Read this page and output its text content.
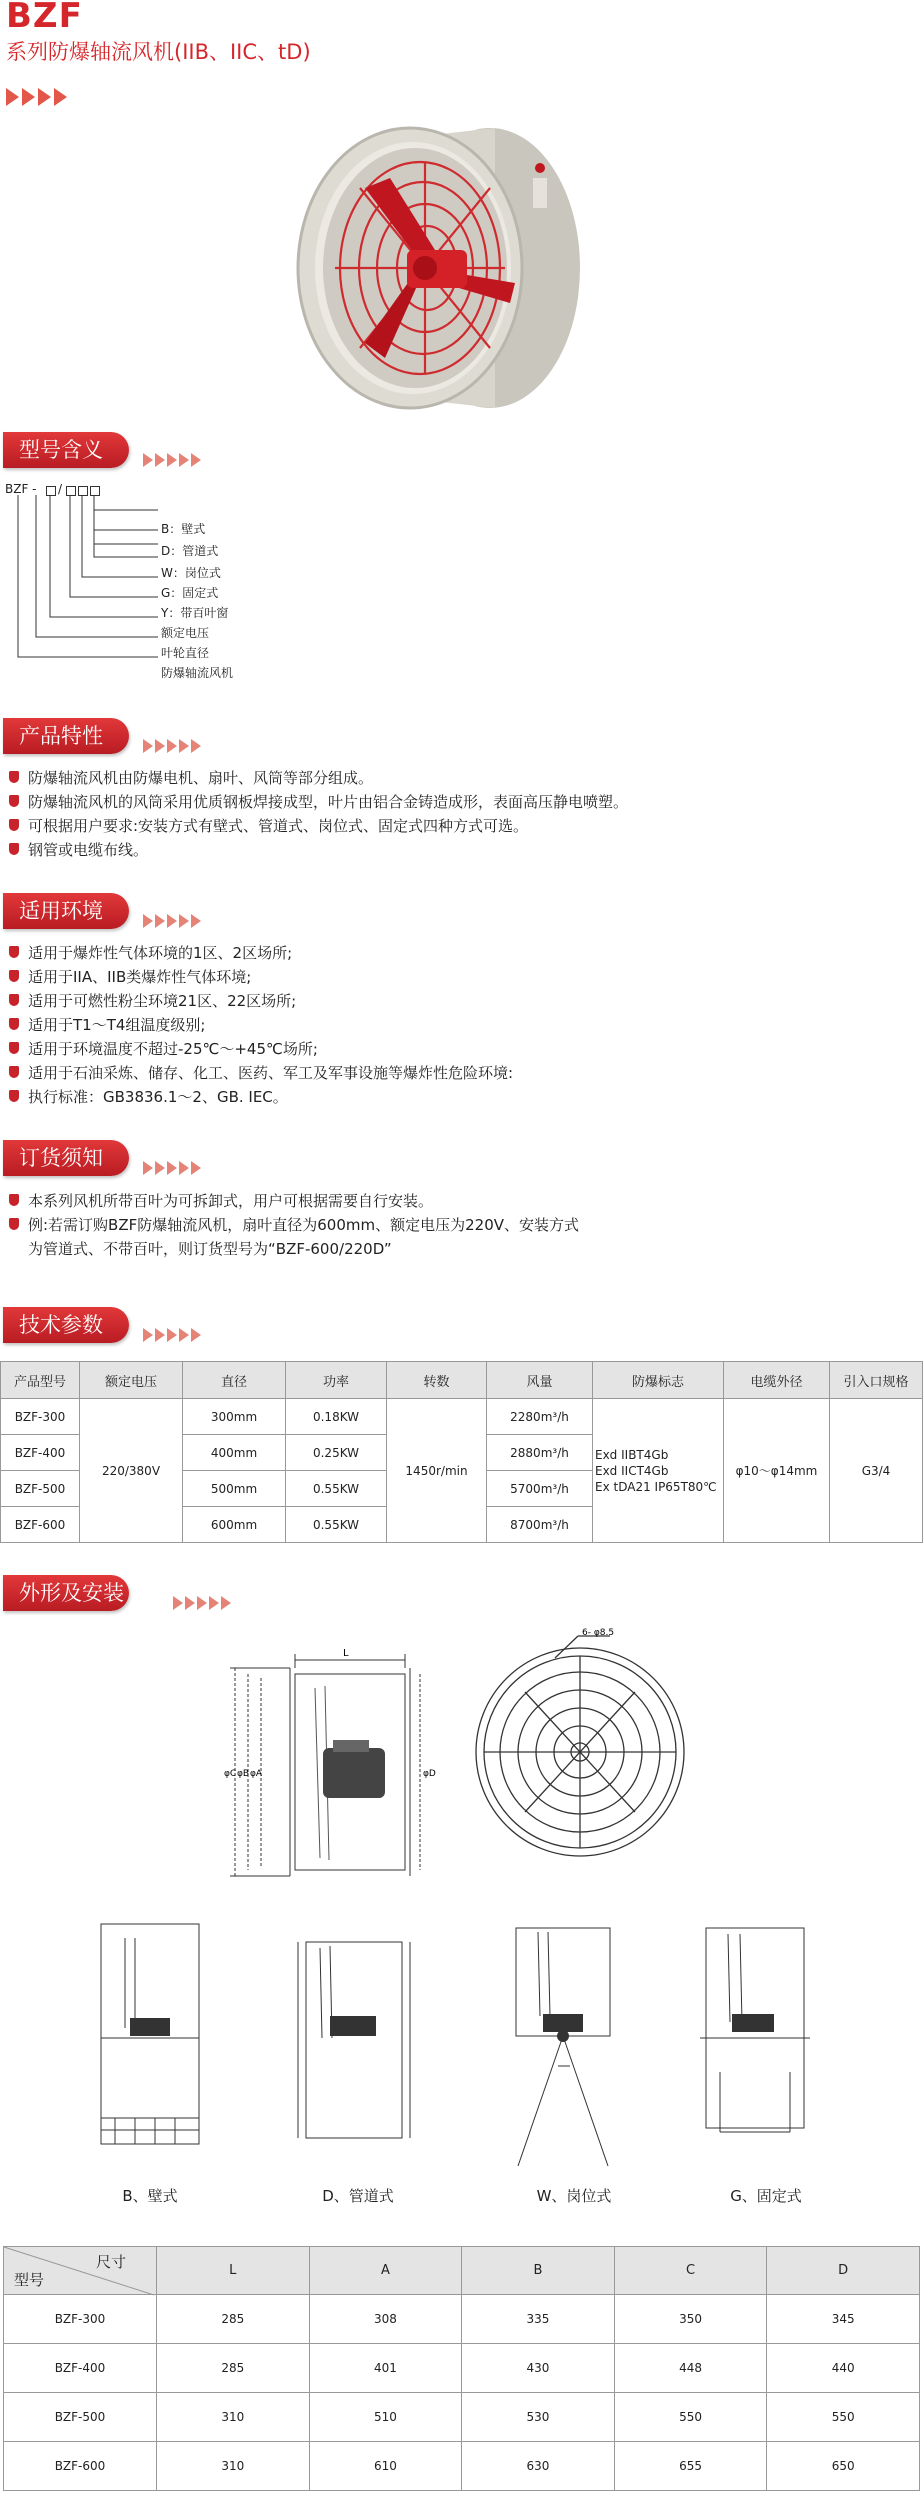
BZF
系列防爆轴流风机(IIB、IIC、tD)
型号含义
BZF - /
B：壁式
D：管道式
W：岗位式
G：固定式
Y：带百叶窗
额定电压
叶轮直径
防爆轴流风机
产品特性
防爆轴流风机由防爆电机、扇叶、风筒等部分组成。
防爆轴流风机的风筒采用优质钢板焊接成型，叶片由铝合金铸造成形，表面高压静电喷塑。
可根据用户要求:安装方式有壁式、管道式、岗位式、固定式四种方式可选。
钢管或电缆布线。
适用环境
适用于爆炸性气体环境的1区、2区场所;
适用于IIA、IIB类爆炸性气体环境;
适用于可燃性粉尘环境21区、22区场所;
适用于T1～T4组温度级别;
适用于环境温度不超过-25℃～+45℃场所;
适用于石油采炼、储存、化工、医药、军工及军事设施等爆炸性危险环境:
执行标准：GB3836.1～2、GB. IEC。
订货须知
本系列风机所带百叶为可拆卸式，用户可根据需要自行安装。
例:若需订购BZF防爆轴流风机，扇叶直径为600mm、额定电压为220V、安装方式
为管道式、不带百叶，则订货型号为“BZF-600/220D”
技术参数
产品型号	额定电压	直径	功率	转数	风量	防爆标志	电缆外径	引入口规格
BZF-300	220/380V	300mm	0.18KW	1450r/min	2280m³/h	Exd IIBT4Gb
Exd IICT4Gb
Ex tDA21 IP65T80℃	φ10～φ14mm	G3/4
BZF-400		400mm	0.25KW		2880m³/h			
BZF-500		500mm	0.55KW		5700m³/h			
BZF-600		600mm	0.55KW		8700m³/h			
外形及安装
L
φC φB φA	φD
6- φ8.5
B、壁式	D、管道式	W、岗位式	G、固定式
尺寸
型号	L	A	B	C	D
BZF-300	285	308	335	350	345
BZF-400	285	401	430	448	440
BZF-500	310	510	530	550	550
BZF-600	310	610	630	655	650
